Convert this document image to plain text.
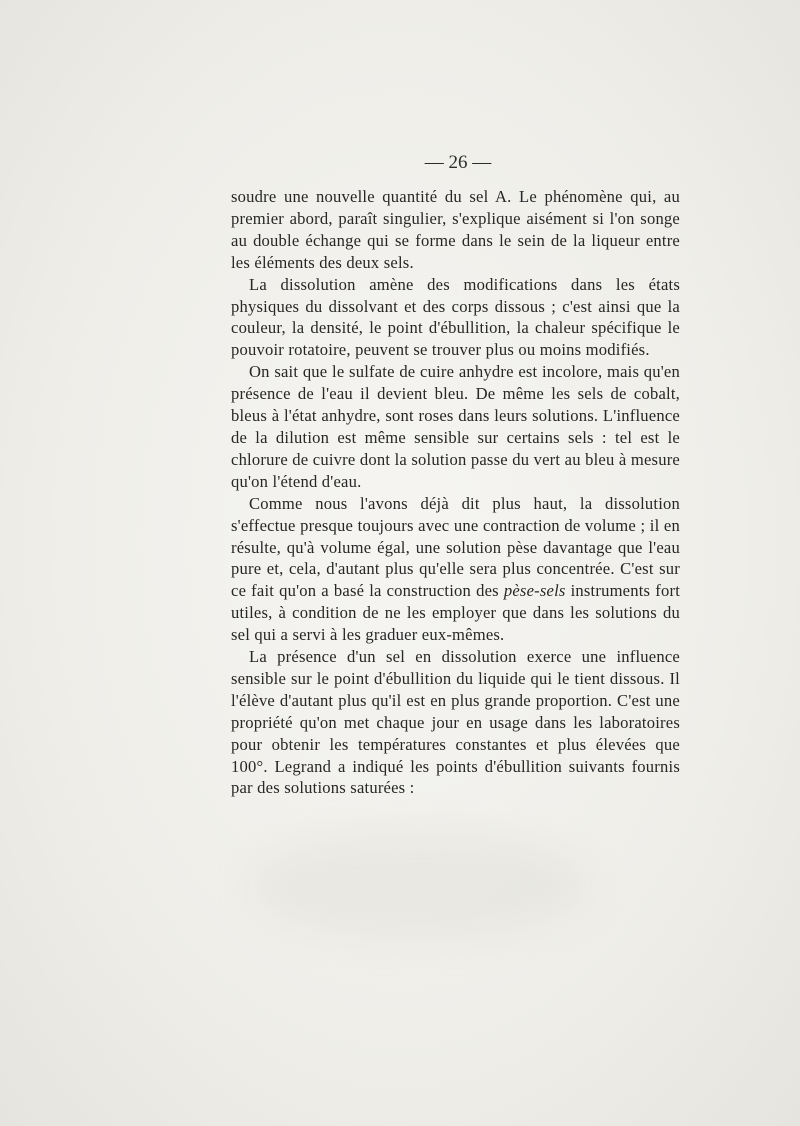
— 26 —

soudre une nouvelle quantité du sel A. Le phénomène qui, au premier abord, paraît singulier, s'explique aisément si l'on songe au double échange qui se forme dans le sein de la liqueur entre les éléments des deux sels.

La dissolution amène des modifications dans les états physiques du dissolvant et des corps dissous ; c'est ainsi que la couleur, la densité, le point d'ébullition, la chaleur spécifique le pouvoir rotatoire, peuvent se trouver plus ou moins modifiés.

On sait que le sulfate de cuire anhydre est incolore, mais qu'en présence de l'eau il devient bleu. De même les sels de cobalt, bleus à l'état anhydre, sont roses dans leurs solutions. L'influence de la dilution est même sensible sur certains sels : tel est le chlorure de cuivre dont la solution passe du vert au bleu à mesure qu'on l'étend d'eau.

Comme nous l'avons déjà dit plus haut, la dissolution s'effectue presque toujours avec une contraction de volume ; il en résulte, qu'à volume égal, une solution pèse davantage que l'eau pure et, cela, d'autant plus qu'elle sera plus concentrée. C'est sur ce fait qu'on a basé la construction des pèse-sels instruments fort utiles, à condition de ne les employer que dans les solutions du sel qui a servi à les graduer eux-mêmes.

La présence d'un sel en dissolution exerce une influence sensible sur le point d'ébullition du liquide qui le tient dissous. Il l'élève d'autant plus qu'il est en plus grande proportion. C'est une propriété qu'on met chaque jour en usage dans les laboratoires pour obtenir les températures constantes et plus élevées que 100°. Legrand a indiqué les points d'ébullition suivants fournis par des solutions saturées :
